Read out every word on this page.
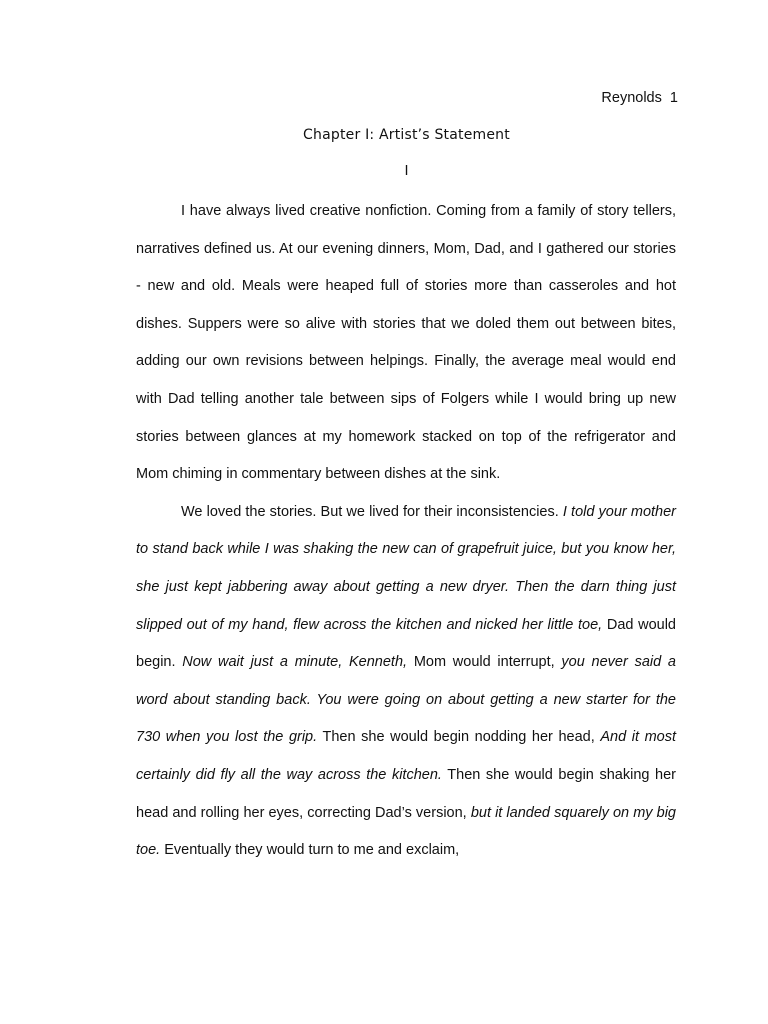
Reynolds  1
Chapter I: Artist’s Statement
I

I have always lived creative nonfiction. Coming from a family of story tellers, narratives defined us. At our evening dinners, Mom, Dad, and I gathered our stories - new and old. Meals were heaped full of stories more than casseroles and hot dishes. Suppers were so alive with stories that we doled them out between bites, adding our own revisions between helpings. Finally, the average meal would end with Dad telling another tale between sips of Folgers while I would bring up new stories between glances at my homework stacked on top of the refrigerator and Mom chiming in commentary between dishes at the sink.

We loved the stories. But we lived for their inconsistencies. I told your mother to stand back while I was shaking the new can of grapefruit juice, but you know her, she just kept jabbering away about getting a new dryer. Then the darn thing just slipped out of my hand, flew across the kitchen and nicked her little toe, Dad would begin. Now wait just a minute, Kenneth, Mom would interrupt, you never said a word about standing back. You were going on about getting a new starter for the 730 when you lost the grip. Then she would begin nodding her head, And it most certainly did fly all the way across the kitchen. Then she would begin shaking her head and rolling her eyes, correcting Dad’s version, but it landed squarely on my big toe. Eventually they would turn to me and exclaim,
